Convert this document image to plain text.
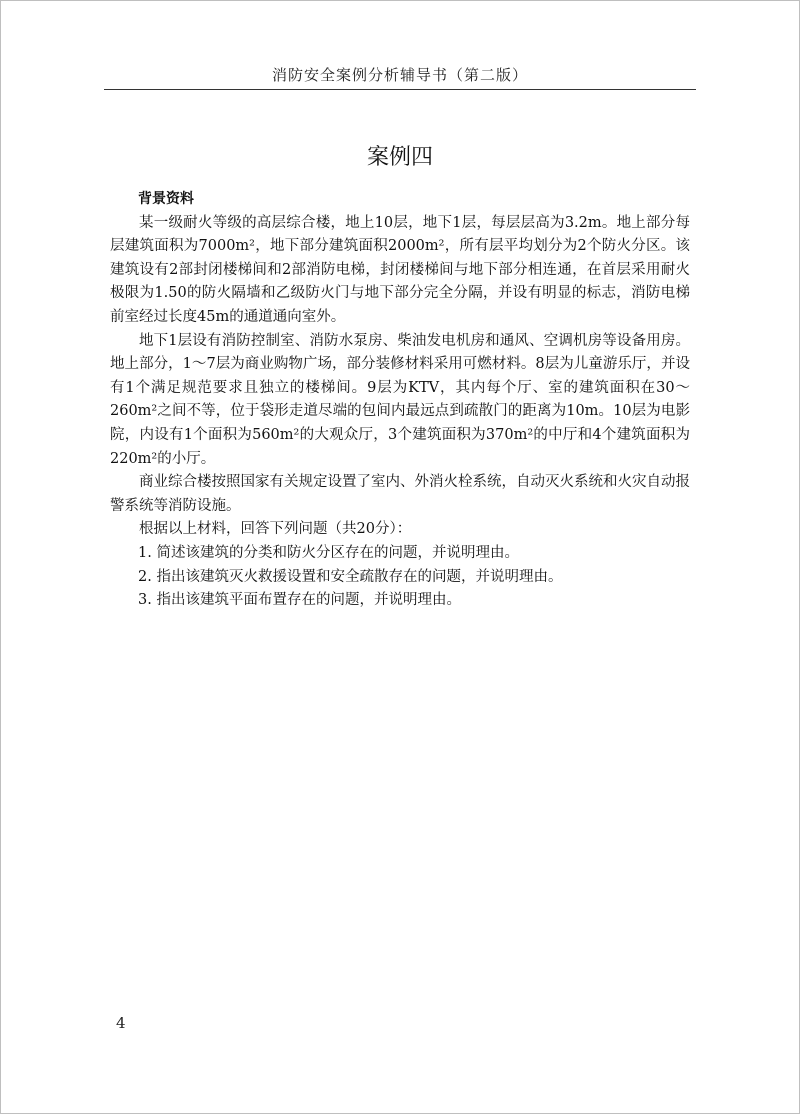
消防安全案例分析辅导书（第二版）
案例四

背景资料

某一级耐火等级的高层综合楼，地上10层，地下1层，每层层高为3.2m。地上部分每层建筑面积为7000m²，地下部分建筑面积2000m²，所有层平均划分为2个防火分区。该建筑设有2部封闭楼梯间和2部消防电梯，封闭楼梯间与地下部分相连通，在首层采用耐火极限为1.50的防火隔墙和乙级防火门与地下部分完全分隔，并设有明显的标志，消防电梯前室经过长度45m的通道通向室外。

地下1层设有消防控制室、消防水泵房、柴油发电机房和通风、空调机房等设备用房。地上部分，1～7层为商业购物广场，部分装修材料采用可燃材料。8层为儿童游乐厅，并设有1个满足规范要求且独立的楼梯间。9层为KTV，其内每个厅、室的建筑面积在30～260m²之间不等，位于袋形走道尽端的包间内最远点到疏散门的距离为10m。10层为电影院，内设有1个面积为560m²的大观众厅，3个建筑面积为370m²的中厅和4个建筑面积为220m²的小厅。

商业综合楼按照国家有关规定设置了室内、外消火栓系统，自动灭火系统和火灾自动报警系统等消防设施。

根据以上材料，回答下列问题（共20分）：

1. 简述该建筑的分类和防火分区存在的问题，并说明理由。

2. 指出该建筑灭火救援设置和安全疏散存在的问题，并说明理由。

3. 指出该建筑平面布置存在的问题，并说明理由。

4
